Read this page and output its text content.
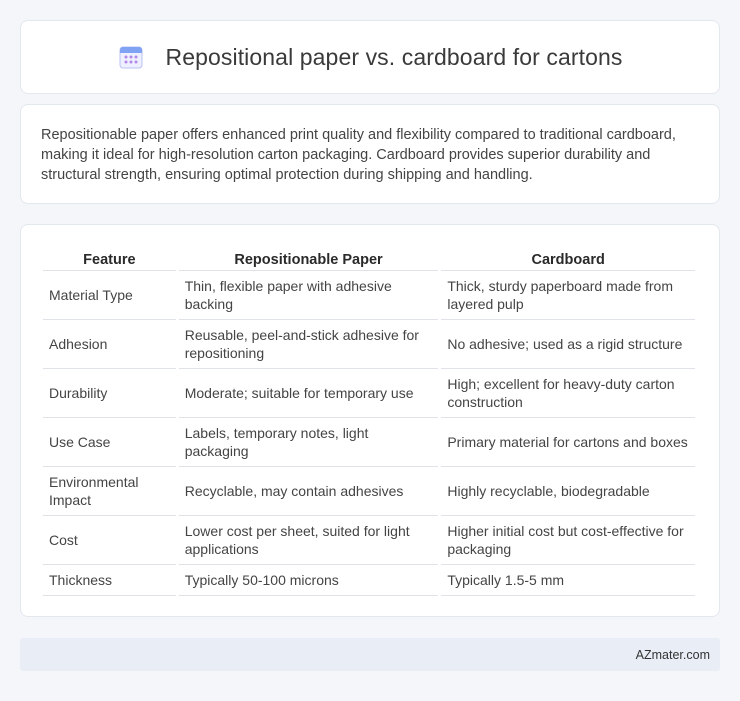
Repositional paper vs. cardboard for cartons

Repositionable paper offers enhanced print quality and flexibility compared to traditional cardboard, making it ideal for high-resolution carton packaging. Cardboard provides superior durability and structural strength, ensuring optimal protection during shipping and handling.

Feature	Repositionable Paper	Cardboard
Material Type	Thin, flexible paper with adhesive backing	Thick, sturdy paperboard made from layered pulp
Adhesion	Reusable, peel-and-stick adhesive for repositioning	No adhesive; used as a rigid structure
Durability	Moderate; suitable for temporary use	High; excellent for heavy-duty carton construction
Use Case	Labels, temporary notes, light packaging	Primary material for cartons and boxes
Environmental Impact	Recyclable, may contain adhesives	Highly recyclable, biodegradable
Cost	Lower cost per sheet, suited for light applications	Higher initial cost but cost-effective for packaging
Thickness	Typically 50-100 microns	Typically 1.5-5 mm
AZmater.com
